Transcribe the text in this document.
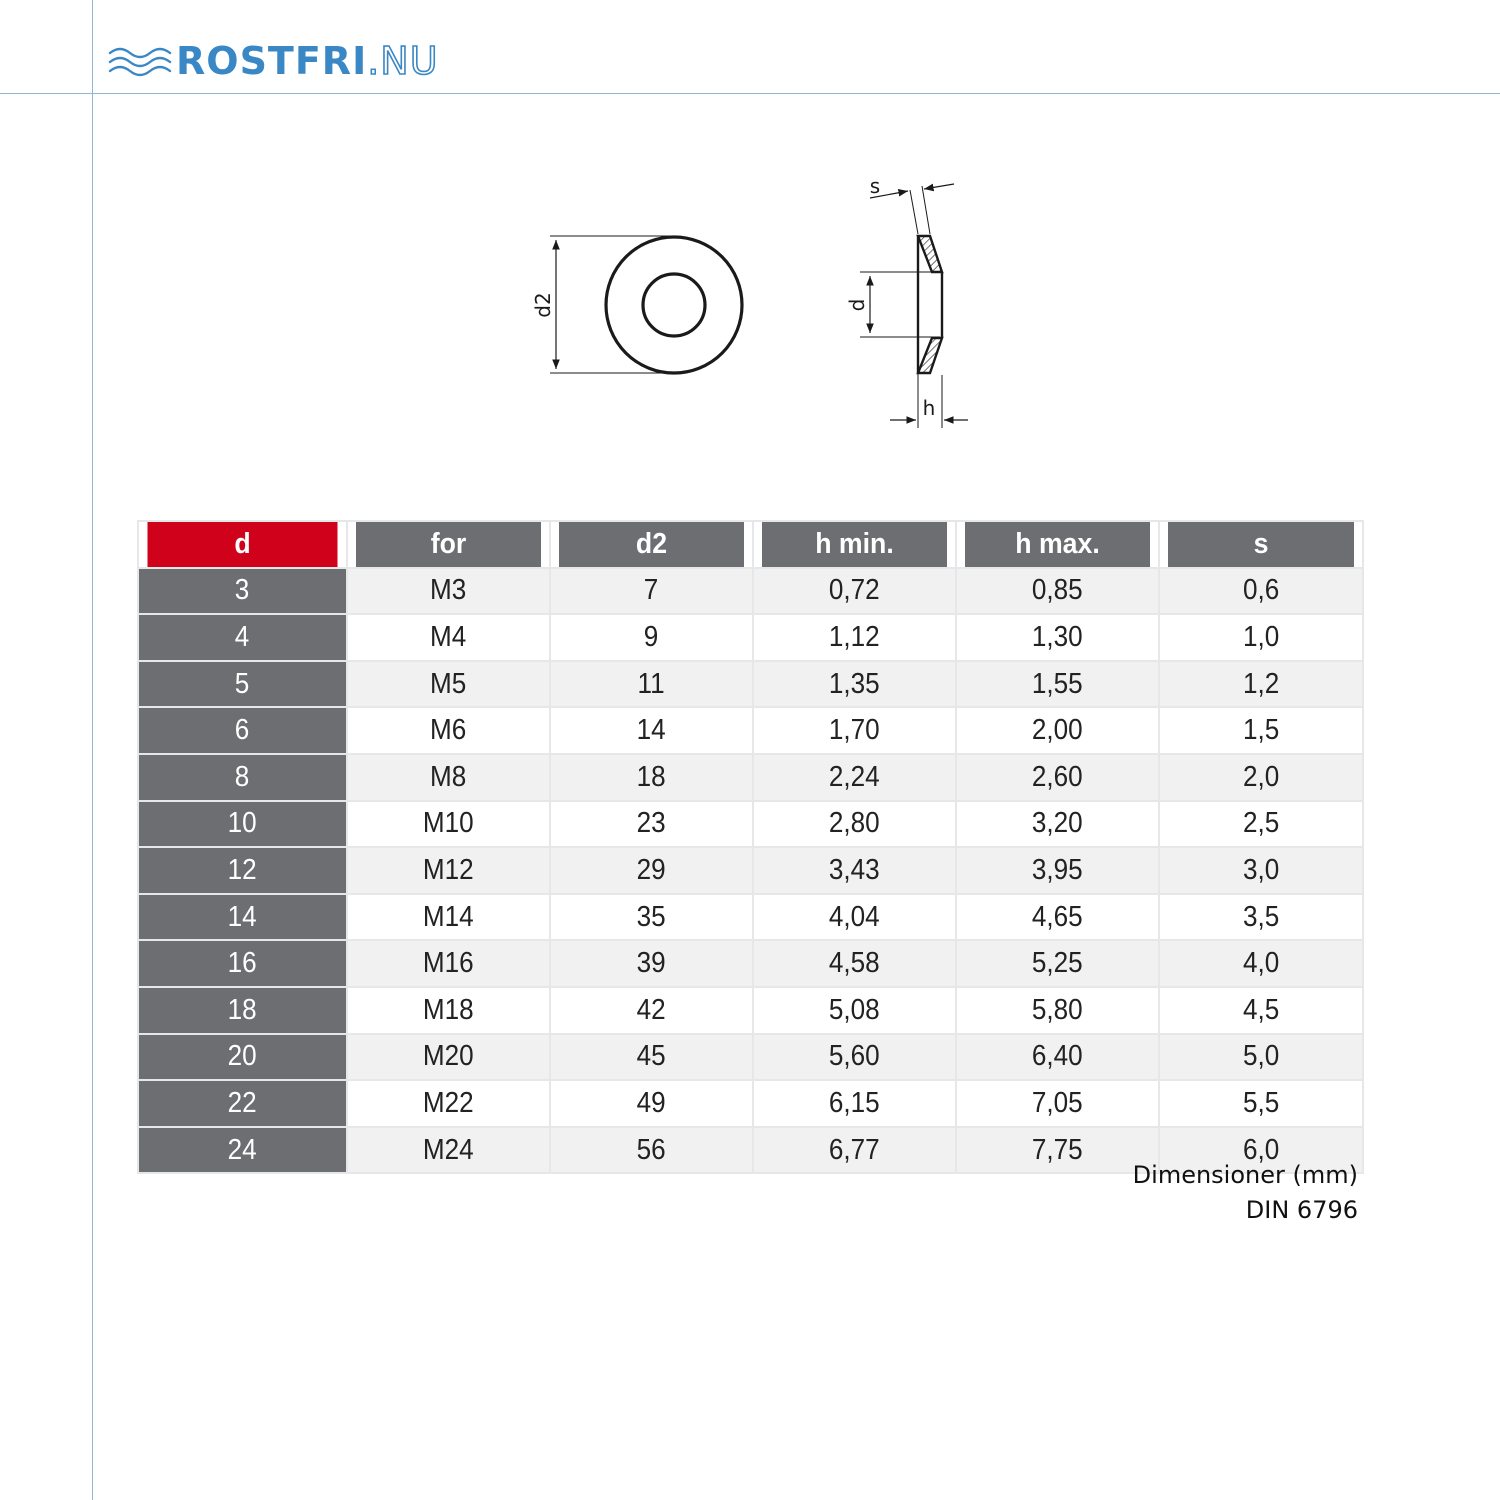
ROSTFRI .NU
d2	d
s
h
d	for	d2	h min.	h max.	s
3	M3	7	0,72	0,85	0,6
4	M4	9	1,12	1,30	1,0
5	M5	11	1,35	1,55	1,2
6	M6	14	1,70	2,00	1,5
8	M8	18	2,24	2,60	2,0
10	M10	23	2,80	3,20	2,5
12	M12	29	3,43	3,95	3,0
14	M14	35	4,04	4,65	3,5
16	M16	39	4,58	5,25	4,0
18	M18	42	5,08	5,80	4,5
20	M20	45	5,60	6,40	5,0
22	M22	49	6,15	7,05	5,5
24	M24	56	6,77	7,75	6,0
Dimensioner (mm)
DIN 6796
